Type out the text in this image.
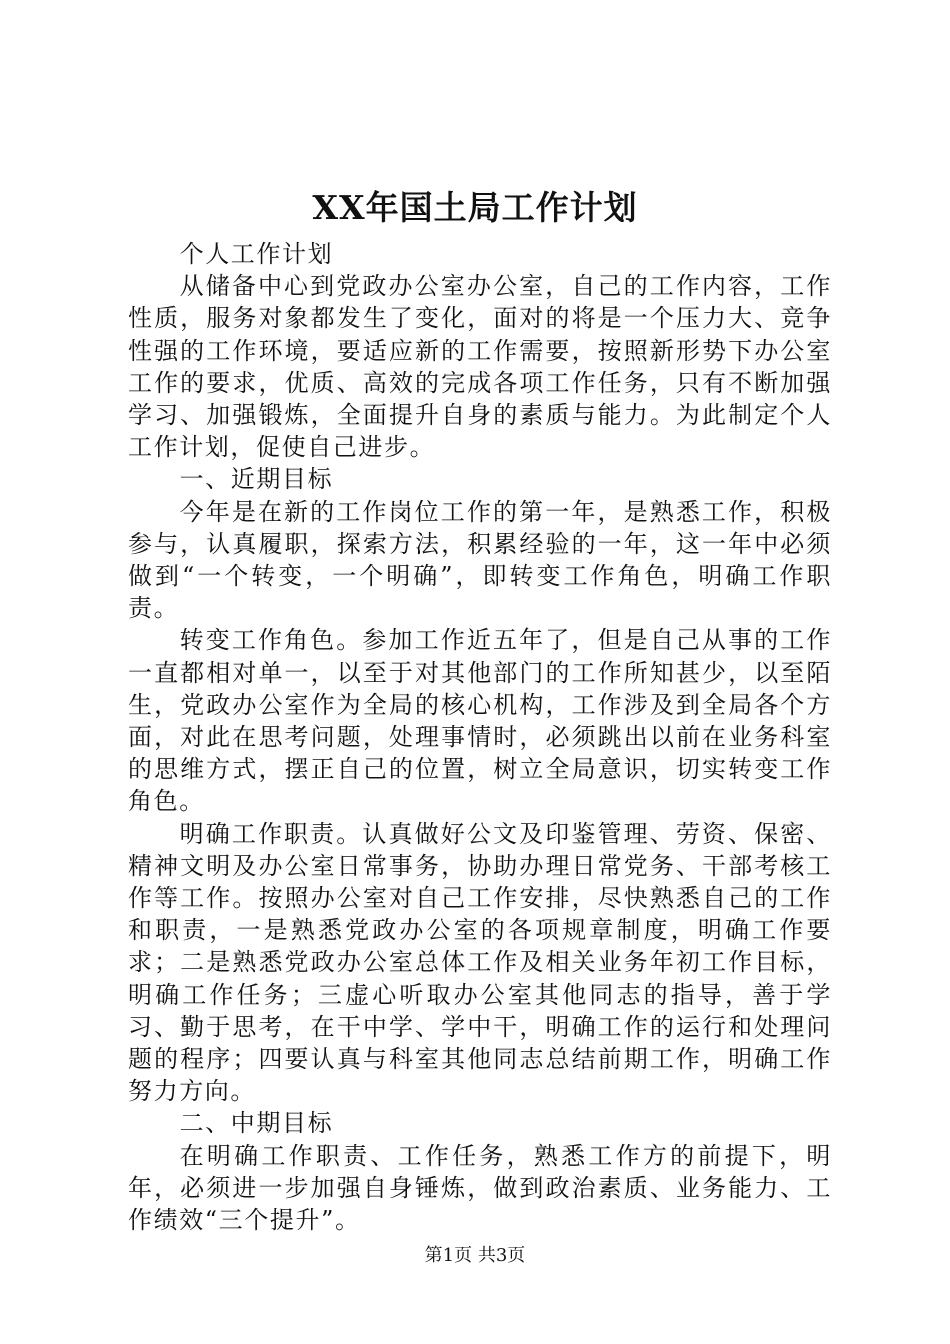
XX年国土局工作计划

个人工作计划

从储备中心到党政办公室办公室，自己的工作内容，工作性质，服务对象都发生了变化，面对的将是一个压力大、竞争性强的工作环境，要适应新的工作需要，按照新形势下办公室工作的要求，优质、高效的完成各项工作任务，只有不断加强学习、加强锻炼，全面提升自身的素质与能力。为此制定个人工作计划，促使自己进步。

一、近期目标

今年是在新的工作岗位工作的第一年，是熟悉工作，积极参与，认真履职，探索方法，积累经验的一年，这一年中必须做到“一个转变，一个明确”，即转变工作角色，明确工作职责。

转变工作角色。参加工作近五年了，但是自己从事的工作一直都相对单一，以至于对其他部门的工作所知甚少，以至陌生，党政办公室作为全局的核心机构，工作涉及到全局各个方面，对此在思考问题，处理事情时，必须跳出以前在业务科室的思维方式，摆正自己的位置，树立全局意识，切实转变工作角色。

明确工作职责。认真做好公文及印鉴管理、劳资、保密、精神文明及办公室日常事务，协助办理日常党务、干部考核工作等工作。按照办公室对自己工作安排，尽快熟悉自己的工作和职责，一是熟悉党政办公室的各项规章制度，明确工作要求；二是熟悉党政办公室总体工作及相关业务年初工作目标，明确工作任务；三虚心听取办公室其他同志的指导，善于学习、勤于思考，在干中学、学中干，明确工作的运行和处理问题的程序；四要认真与科室其他同志总结前期工作，明确工作努力方向。

二、中期目标

在明确工作职责、工作任务，熟悉工作方的前提下，明年，必须进一步加强自身锤炼，做到政治素质、业务能力、工作绩效“三个提升”。

第1页 共3页
